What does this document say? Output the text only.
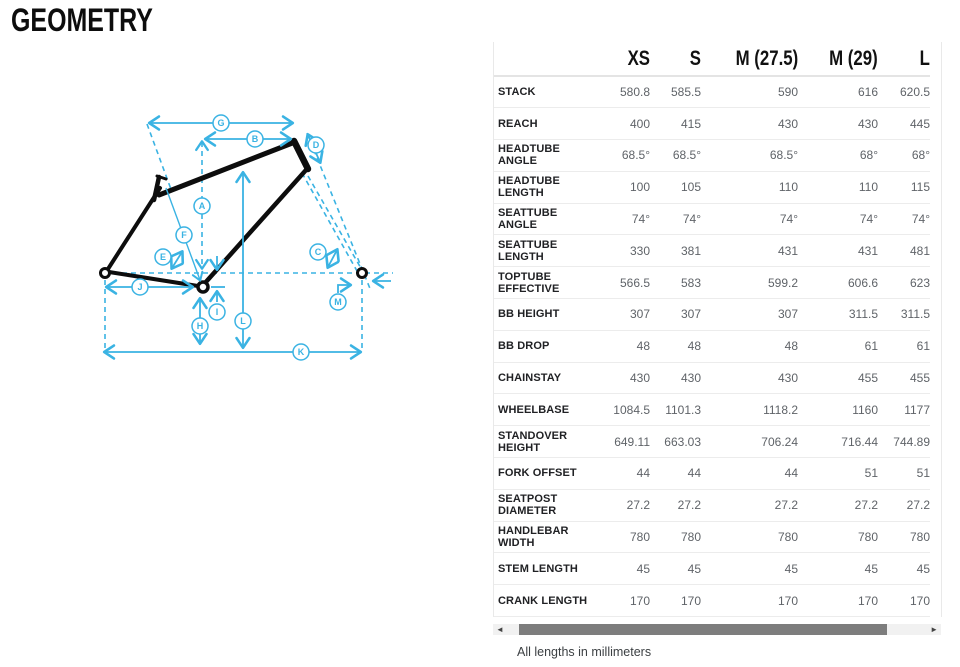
GEOMETRY
A
B
C
D
E
F
G
H
I
J
K
L
M
	XS	S	M (27.5)	M (29)	L
STACK	580.8	585.5	590	616	620.5
REACH	400	415	430	430	445
HEADTUBE ANGLE	68.5°	68.5°	68.5°	68°	68°
HEADTUBE LENGTH	100	105	110	110	115
SEATTUBE ANGLE	74°	74°	74°	74°	74°
SEATTUBE LENGTH	330	381	431	431	481
TOPTUBE EFFECTIVE	566.5	583	599.2	606.6	623
BB HEIGHT	307	307	307	311.5	311.5
BB DROP	48	48	48	61	61
CHAINSTAY	430	430	430	455	455
WHEELBASE	1084.5	1101.3	1118.2	1160	1177
STANDOVER HEIGHT	649.11	663.03	706.24	716.44	744.89
FORK OFFSET	44	44	44	51	51
SEATPOST DIAMETER	27.2	27.2	27.2	27.2	27.2
HANDLEBAR WIDTH	780	780	780	780	780
STEM LENGTH	45	45	45	45	45
CRANK LENGTH	170	170	170	170	170
◄	►
All lengths in millimeters
